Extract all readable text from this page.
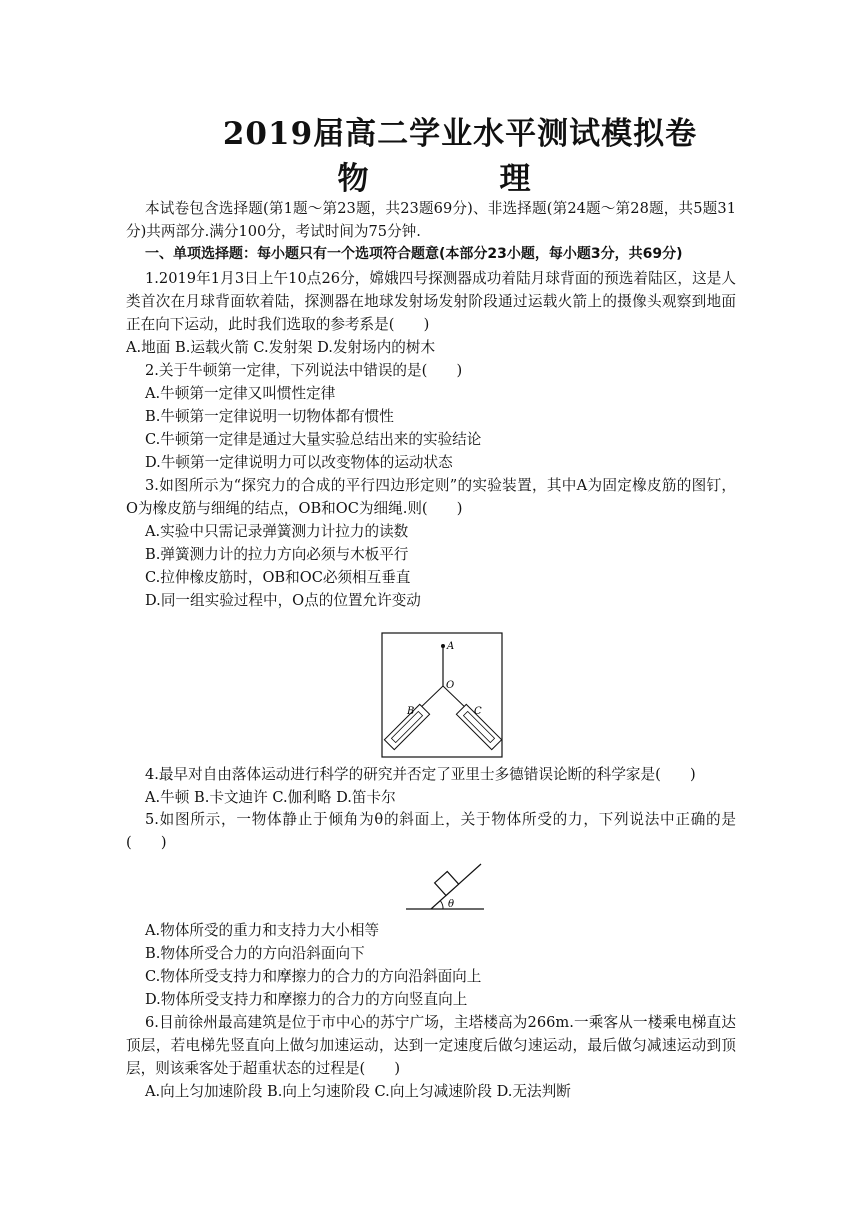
2019届高二学业水平测试模拟卷
物　理
本试卷包含选择题(第1题～第23题，共23题69分)、非选择题(第24题～第28题，共5题31分)共两部分.满分100分，考试时间为75分钟.
一、单项选择题：每小题只有一个选项符合题意(本部分23小题，每小题3分，共69分)
1.2019年1月3日上午10点26分，嫦娥四号探测器成功着陆月球背面的预选着陆区，这是人类首次在月球背面软着陆，探测器在地球发射场发射阶段通过运载火箭上的摄像头观察到地面正在向下运动，此时我们选取的参考系是(　　)
A.地面 B.运载火箭 C.发射架 D.发射场内的树木
2.关于牛顿第一定律，下列说法中错误的是(　　)
A.牛顿第一定律又叫惯性定律
B.牛顿第一定律说明一切物体都有惯性
C.牛顿第一定律是通过大量实验总结出来的实验结论
D.牛顿第一定律说明力可以改变物体的运动状态
3.如图所示为“探究力的合成的平行四边形定则”的实验装置，其中A为固定橡皮筋的图钉，O为橡皮筋与细绳的结点，OB和OC为细绳.则(　　)
A.实验中只需记录弹簧测力计拉力的读数
B.弹簧测力计的拉力方向必须与木板平行
C.拉伸橡皮筋时，OB和OC必须相互垂直
D.同一组实验过程中，O点的位置允许变动
A
O
B	C
4.最早对自由落体运动进行科学的研究并否定了亚里士多德错误论断的科学家是(　　)
A.牛顿 B.卡文迪许 C.伽利略 D.笛卡尔
5.如图所示，一物体静止于倾角为θ的斜面上，关于物体所受的力，下列说法中正确的是(　　)
θ
A.物体所受的重力和支持力大小相等
B.物体所受合力的方向沿斜面向下
C.物体所受支持力和摩擦力的合力的方向沿斜面向上
D.物体所受支持力和摩擦力的合力的方向竖直向上
6.目前徐州最高建筑是位于市中心的苏宁广场，主塔楼高为266m.一乘客从一楼乘电梯直达顶层，若电梯先竖直向上做匀加速运动，达到一定速度后做匀速运动，最后做匀减速运动到顶层，则该乘客处于超重状态的过程是(　　)
A.向上匀加速阶段 B.向上匀速阶段 C.向上匀减速阶段 D.无法判断
